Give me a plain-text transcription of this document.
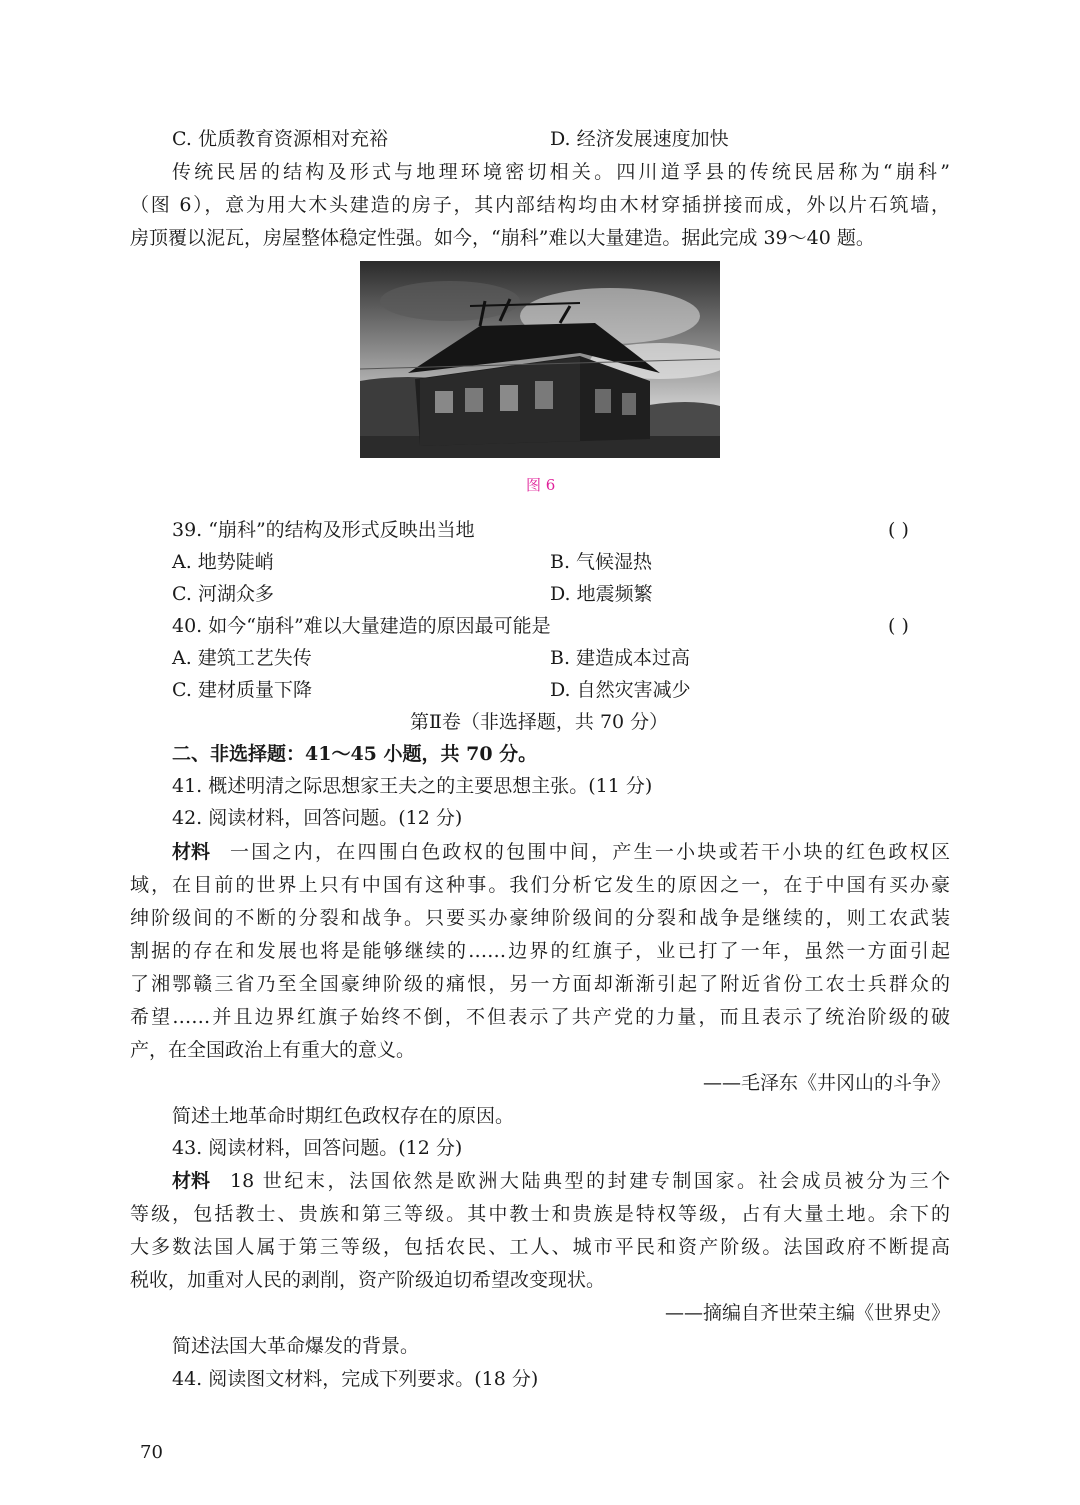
C. 优质教育资源相对充裕	D. 经济发展速度加快
传统民居的结构及形式与地理环境密切相关。四川道孚县的传统民居称为“崩科”
（图 6），意为用大木头建造的房子，其内部结构均由木材穿插拼接而成，外以片石筑墙，
房顶覆以泥瓦，房屋整体稳定性强。如今，“崩科”难以大量建造。据此完成 39～40 题。
图 6
39. “崩科”的结构及形式反映出当地	( )
A. 地势陡峭	B. 气候湿热
C. 河湖众多	D. 地震频繁
40. 如今“崩科”难以大量建造的原因最可能是	( )
A. 建筑工艺失传	B. 建造成本过高
C. 建材质量下降	D. 自然灾害减少
第Ⅱ卷（非选择题，共 70 分）
二、非选择题：41～45 小题，共 70 分。
41. 概述明清之际思想家王夫之的主要思想主张。(11 分)
42. 阅读材料，回答问题。(12 分)
材料 一国之内，在四围白色政权的包围中间，产生一小块或若干小块的红色政权区
域，在目前的世界上只有中国有这种事。我们分析它发生的原因之一，在于中国有买办豪
绅阶级间的不断的分裂和战争。只要买办豪绅阶级间的分裂和战争是继续的，则工农武装
割据的存在和发展也将是能够继续的……边界的红旗子，业已打了一年，虽然一方面引起
了湘鄂赣三省乃至全国豪绅阶级的痛恨，另一方面却渐渐引起了附近省份工农士兵群众的
希望……并且边界红旗子始终不倒，不但表示了共产党的力量，而且表示了统治阶级的破
产，在全国政治上有重大的意义。
——毛泽东《井冈山的斗争》
简述土地革命时期红色政权存在的原因。
43. 阅读材料，回答问题。(12 分)
材料 18 世纪末，法国依然是欧洲大陆典型的封建专制国家。社会成员被分为三个
等级，包括教士、贵族和第三等级。其中教士和贵族是特权等级，占有大量土地。余下的
大多数法国人属于第三等级，包括农民、工人、城市平民和资产阶级。法国政府不断提高
税收，加重对人民的剥削，资产阶级迫切希望改变现状。
——摘编自齐世荣主编《世界史》
简述法国大革命爆发的背景。
44. 阅读图文材料，完成下列要求。(18 分)
70
